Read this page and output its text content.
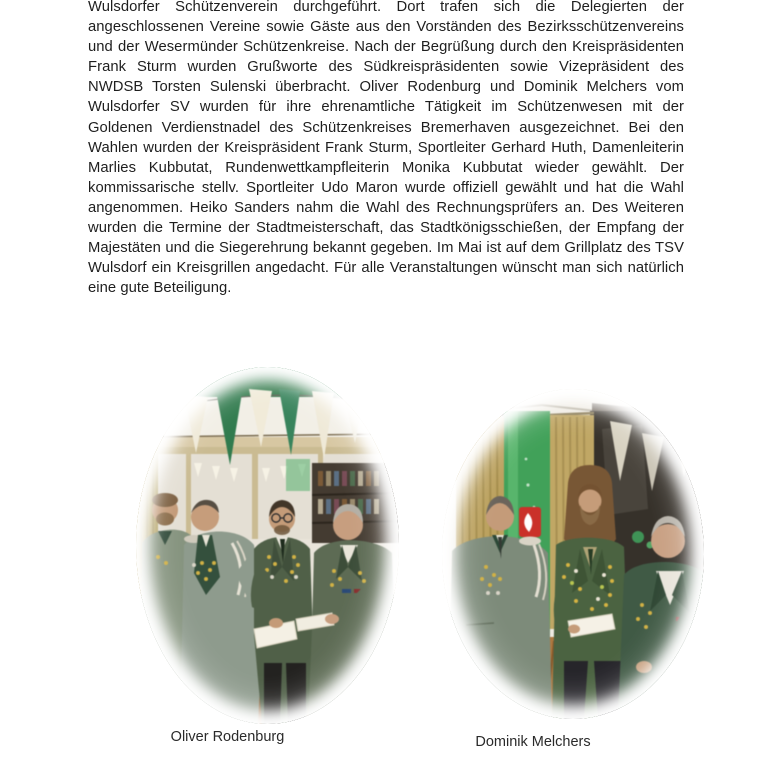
Wulsdorfer Schützenverein durchgeführt. Dort trafen sich die Delegierten der angeschlossenen Vereine sowie Gäste aus den Vorständen des Bezirksschützenvereins und der Wesermünder Schützenkreise. Nach der Begrüßung durch den Kreispräsidenten Frank Sturm wurden Grußworte des Südkreispräsidenten sowie Vizepräsident des NWDSB Torsten Sulenski überbracht. Oliver Rodenburg und Dominik Melchers vom Wulsdorfer SV wurden für ihre ehrenamtliche Tätigkeit im Schützenwesen mit der Goldenen Verdienstnadel des Schützenkreises Bremerhaven ausgezeichnet. Bei den Wahlen wurden der Kreispräsident Frank Sturm, Sportleiter Gerhard Huth, Damenleiterin Marlies Kubbutat, Rundenwettkampfleiterin Monika Kubbutat wieder gewählt. Der kommissarische stellv. Sportleiter Udo Maron wurde offiziell gewählt und hat die Wahl angenommen. Heiko Sanders nahm die Wahl des Rechnungsprüfers an. Des Weiteren wurden die Termine der Stadtmeisterschaft, das Stadtkönigsschießen, der Empfang der Majestäten und die Siegerehrung bekannt gegeben. Im Mai ist auf dem Grillplatz des TSV Wulsdorf ein Kreisgrillen angedacht. Für alle Veranstaltungen wünscht man sich natürlich eine gute Beteiligung.

Oliver Rodenburg	Dominik Melchers
